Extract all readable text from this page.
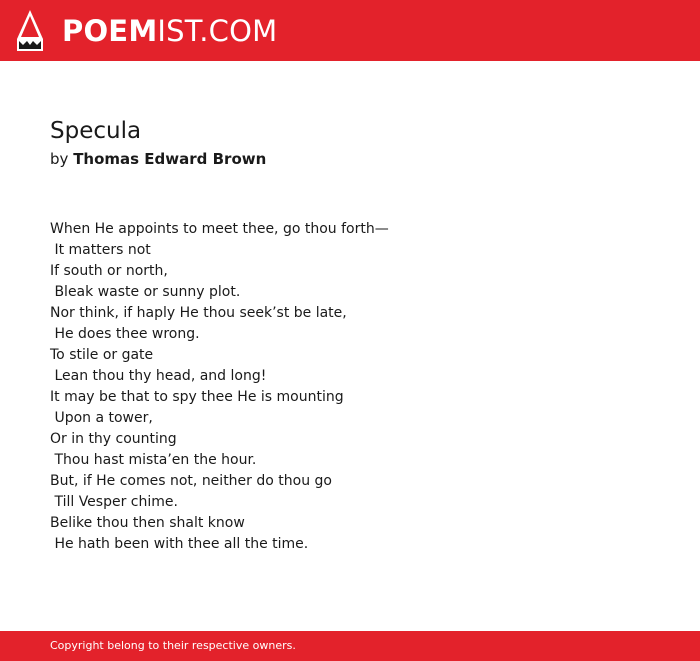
POEMIST.COM
Specula
by Thomas Edward Brown
When He appoints to meet thee, go thou forth—
It matters not
If south or north,
Bleak waste or sunny plot.
Nor think, if haply He thou seek’st be late,
He does thee wrong.
To stile or gate
Lean thou thy head, and long!
It may be that to spy thee He is mounting
Upon a tower,
Or in thy counting
Thou hast mista’en the hour.
But, if He comes not, neither do thou go
Till Vesper chime.
Belike thou then shalt know
He hath been with thee all the time.
Copyright belong to their respective owners.
